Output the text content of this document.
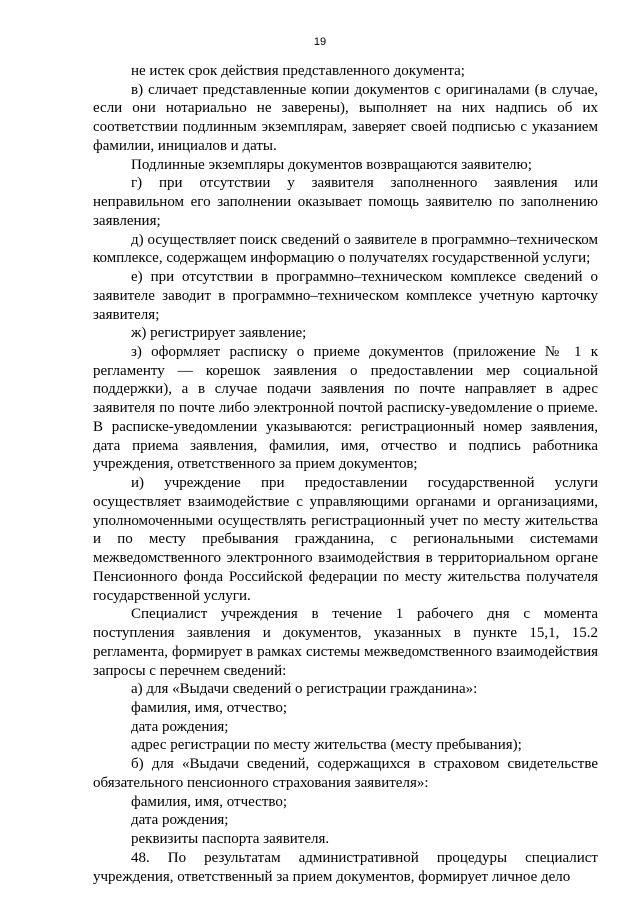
19

не истек срок действия представленного документа;

в) сличает представленные копии документов с оригиналами (в случае, если они нотариально не заверены), выполняет на них надпись об их соответствии подлинным экземплярам, заверяет своей подписью с указанием фамилии, инициалов и даты.

Подлинные экземпляры документов возвращаются заявителю;

г) при отсутствии у заявителя заполненного заявления или неправильном его заполнении оказывает помощь заявителю по заполнению заявления;

д) осуществляет поиск сведений о заявителе в программно–техническом комплексе, содержащем информацию о получателях государственной услуги;

е) при отсутствии в программно–техническом комплексе сведений о заявителе заводит в программно–техническом комплексе учетную карточку заявителя;

ж) регистрирует заявление;

з) оформляет расписку о приеме документов (приложение № 1 к регламенту — корешок заявления о предоставлении мер социальной поддержки), а в случае подачи заявления по почте направляет в адрес заявителя по почте либо электронной почтой расписку-уведомление о приеме. В расписке-уведомлении указываются: регистрационный номер заявления, дата приема заявления, фамилия, имя, отчество и подпись работника учреждения, ответственного за прием документов;

и) учреждение при предоставлении государственной услуги осуществляет взаимодействие с управляющими органами и организациями, уполномоченными осуществлять регистрационный учет по месту жительства и по месту пребывания гражданина, с региональными системами межведомственного электронного взаимодействия в территориальном органе Пенсионного фонда Российской федерации по месту жительства получателя государственной услуги.

Специалист учреждения в течение 1 рабочего дня с момента поступления заявления и документов, указанных в пункте 15,1, 15.2 регламента, формирует в рамках системы межведомственного взаимодействия запросы с перечнем сведений:

а) для «Выдачи сведений о регистрации гражданина»:

фамилия, имя, отчество;

дата рождения;

адрес регистрации по месту жительства (месту пребывания);

б) для «Выдачи сведений, содержащихся в страховом свидетельстве обязательного пенсионного страхования заявителя»:

фамилия, имя, отчество;

дата рождения;

реквизиты паспорта заявителя.

48. По результатам административной процедуры специалист учреждения, ответственный за прием документов, формирует личное дело
